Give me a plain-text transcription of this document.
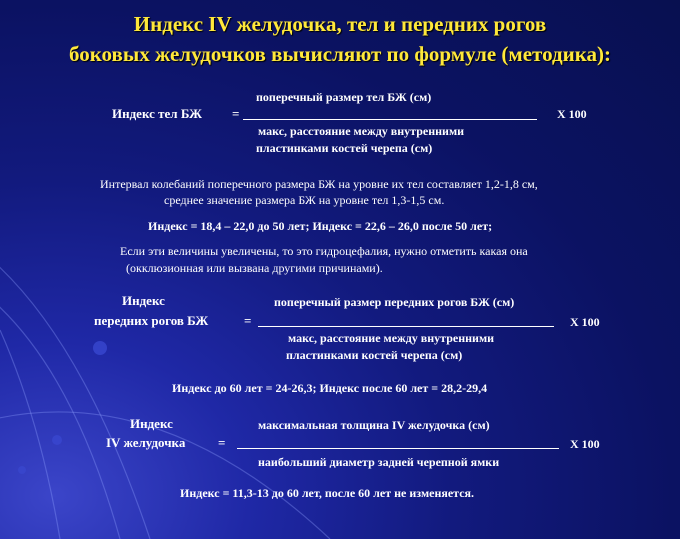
Индекс IV желудочка, тел и передних рогов
боковых желудочков вычисляют по формуле (методика):
поперечный размер тел БЖ (см)
Индекс тел БЖ =	Х 100
макс, расстояние между внутренними
пластинками костей черепа (см)
Интервал колебаний поперечного размера БЖ на уровне их тел составляет 1,2-1,8 см,
среднее значение размера БЖ на уровне тел 1,3-1,5 см.
Индекс = 18,4 – 22,0 до 50 лет; Индекс = 22,6 – 26,0 после 50 лет;
Если эти величины увеличены, то это гидроцефалия, нужно отметить какая она
(окклюзионная или вызвана другими причинами).
Индекс	поперечный размер передних рогов БЖ (см)
передних рогов БЖ	=	Х 100
макс, расстояние между внутренними
пластинками костей черепа (см)
Индекс до 60 лет = 24-26,3; Индекс после 60 лет = 28,2-29,4
Индекс	максимальная толщина IV желудочка (см)
IV желудочка	=	Х 100
наибольший диаметр задней черепной ямки
Индекс = 11,3-13 до 60 лет, после 60 лет не изменяется.
